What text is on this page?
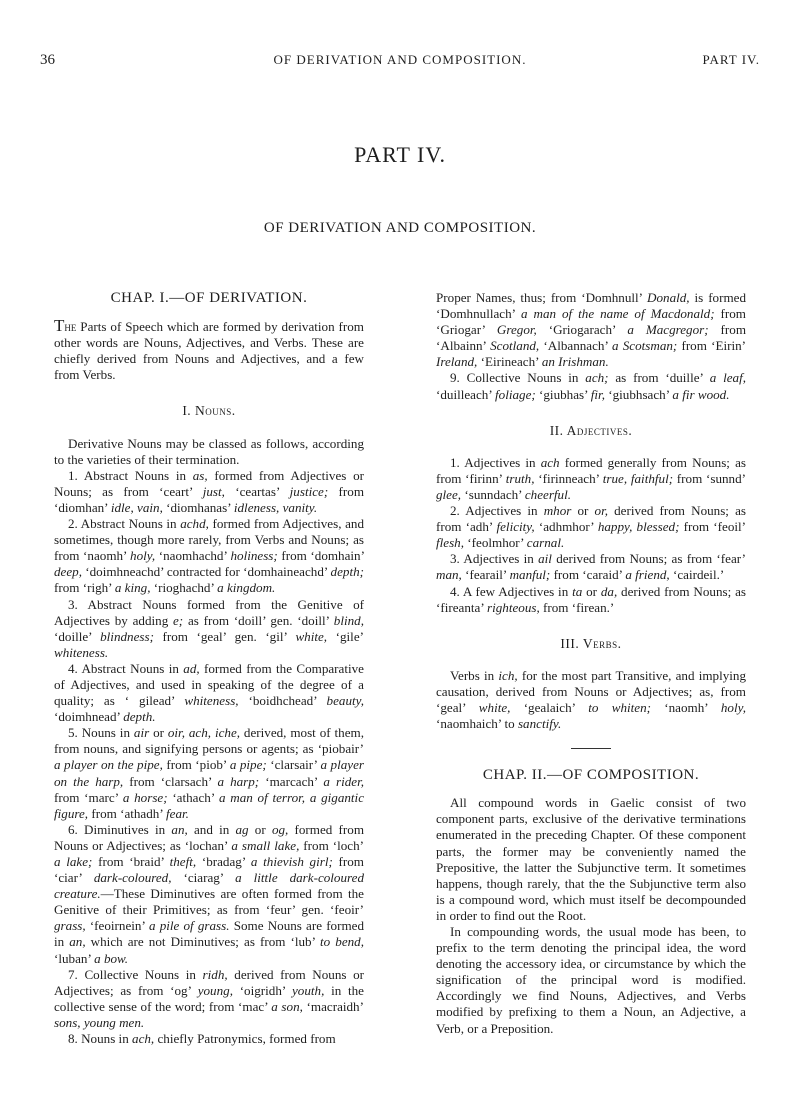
36	OF DERIVATION AND COMPOSITION.	PART IV.
PART IV.
OF DERIVATION AND COMPOSITION.
CHAP. I.—OF DERIVATION.

The Parts of Speech which are formed by derivation from other words are Nouns, Adjectives, and Verbs. These are chiefly derived from Nouns and Adjectives, and a few from Verbs.

I. Nouns.

Derivative Nouns may be classed as follows, according to the varieties of their termination.

1. Abstract Nouns in as, formed from Adjectives or Nouns; as from ‘ceart’ just, ‘ceartas’ justice; from ‘diomhan’ idle, vain, ‘diomhanas’ idleness, vanity.

2. Abstract Nouns in achd, formed from Adjectives, and sometimes, though more rarely, from Verbs and Nouns; as from ‘naomh’ holy, ‘naomhachd’ holiness; from ‘domhain’ deep, ‘doimhneachd’ contracted for ‘domhaineachd’ depth; from ‘righ’ a king, ‘rioghachd’ a kingdom.

3. Abstract Nouns formed from the Genitive of Adjectives by adding e; as from ‘doill’ gen. ‘doill’ blind, ‘doille’ blindness; from ‘geal’ gen. ‘gil’ white, ‘gile’ whiteness.

4. Abstract Nouns in ad, formed from the Comparative of Adjectives, and used in speaking of the degree of a quality; as ‘ gilead’ whiteness, ‘boidhchead’ beauty, ‘doimhnead’ depth.

5. Nouns in air or oir, ach, iche, derived, most of them, from nouns, and signifying persons or agents; as ‘piobair’ a player on the pipe, from ‘piob’ a pipe; ‘clarsair’ a player on the harp, from ‘clarsach’ a harp; ‘marcach’ a rider, from ‘marc’ a horse; ‘athach’ a man of terror, a gigantic figure, from ‘athadh’ fear.

6. Diminutives in an, and in ag or og, formed from Nouns or Adjectives; as ‘lochan’ a small lake, from ‘loch’ a lake; from ‘braid’ theft, ‘bradag’ a thievish girl; from ‘ciar’ dark-coloured, ‘ciarag’ a little dark-coloured creature.—These Diminutives are often formed from the Genitive of their Primitives; as from ‘feur’ gen. ‘feoir’ grass, ‘feoirnein’ a pile of grass. Some Nouns are formed in an, which are not Diminutives; as from ‘lub’ to bend, ‘luban’ a bow.

7. Collective Nouns in ridh, derived from Nouns or Adjectives; as from ‘og’ young, ‘oigridh’ youth, in the collective sense of the word; from ‘mac’ a son, ‘macraidh’ sons, young men.

8. Nouns in ach, chiefly Patronymics, formed from

Proper Names, thus; from ‘Domhnull’ Donald, is formed ‘Domhnullach’ a man of the name of Macdonald; from ‘Griogar’ Gregor, ‘Griogarach’ a Macgregor; from ‘Albainn’ Scotland, ‘Albannach’ a Scotsman; from ‘Eirin’ Ireland, ‘Eirineach’ an Irishman.

9. Collective Nouns in ach; as from ‘duille’ a leaf, ‘duilleach’ foliage; ‘giubhas’ fir, ‘giubhsach’ a fir wood.

II. Adjectives.

1. Adjectives in ach formed generally from Nouns; as from ‘firinn’ truth, ‘firinneach’ true, faithful; from ‘sunnd’ glee, ‘sunndach’ cheerful.

2. Adjectives in mhor or or, derived from Nouns; as from ‘adh’ felicity, ‘adhmhor’ happy, blessed; from ‘feoil’ flesh, ‘feolmhor’ carnal.

3. Adjectives in ail derived from Nouns; as from ‘fear’ man, ‘fearail’ manful; from ‘caraid’ a friend, ‘cairdeil.’

4. A few Adjectives in ta or da, derived from Nouns; as ‘fireanta’ righteous, from ‘firean.’

III. Verbs.

Verbs in ich, for the most part Transitive, and implying causation, derived from Nouns or Adjectives; as, from ‘geal’ white, ‘gealaich’ to whiten; ‘naomh’ holy, ‘naomhaich’ to sanctify.

CHAP. II.—OF COMPOSITION.

All compound words in Gaelic consist of two component parts, exclusive of the derivative terminations enumerated in the preceding Chapter. Of these component parts, the former may be conveniently named the Prepositive, the latter the Subjunctive term. It sometimes happens, though rarely, that the the Subjunctive term also is a compound word, which must itself be decompounded in order to find out the Root.

In compounding words, the usual mode has been, to prefix to the term denoting the principal idea, the word denoting the accessory idea, or circumstance by which the signification of the principal word is modified. Accordingly we find Nouns, Adjectives, and Verbs modified by prefixing to them a Noun, an Adjective, a Verb, or a Preposition.
